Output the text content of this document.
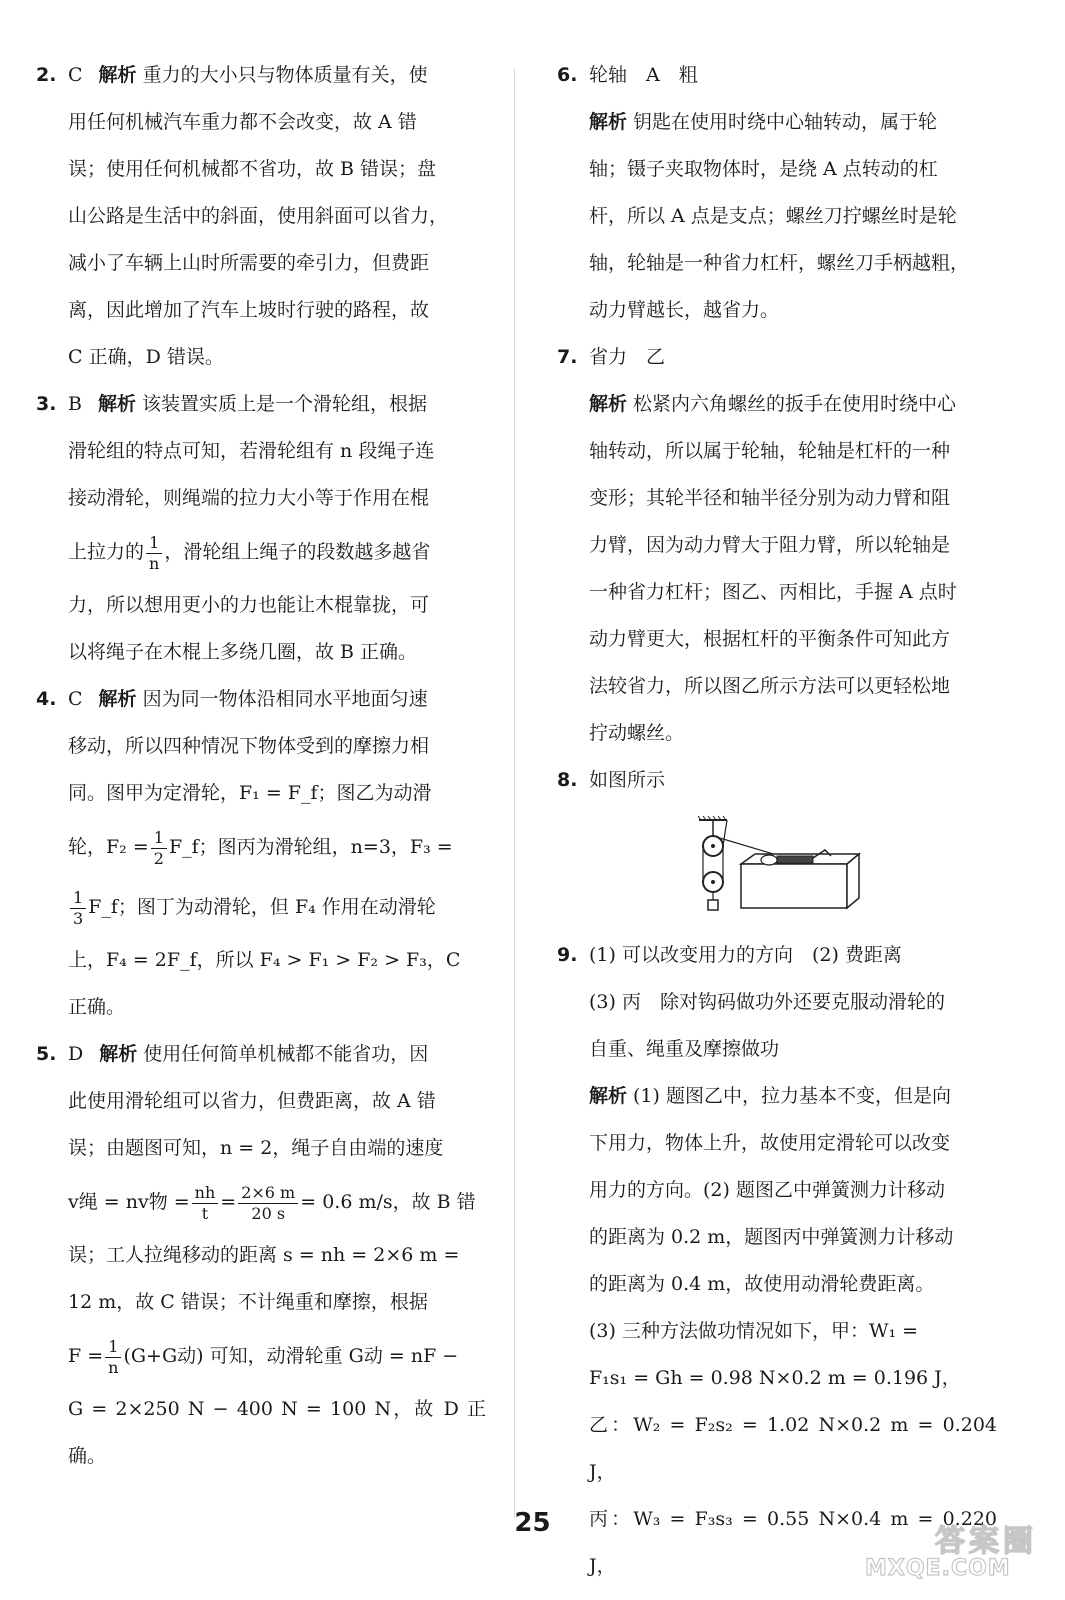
2. C 解析 重力的大小只与物体质量有关，使

用任何机械汽车重力都不会改变，故 A 错

误；使用任何机械都不省功，故 B 错误；盘

山公路是生活中的斜面，使用斜面可以省力，

减小了车辆上山时所需要的牵引力，但费距

离，因此增加了汽车上坡时行驶的路程，故

C 正确，D 错误。

3. B 解析 该装置实质上是一个滑轮组，根据

滑轮组的特点可知，若滑轮组有 n 段绳子连

接动滑轮，则绳端的拉力大小等于作用在棍

上拉力的 $\frac{1}{n}$ ，滑轮组上绳子的段数越多越省

力，所以想用更小的力也能让木棍靠拢，可

以将绳子在木棍上多绕几圈，故 B 正确。

4. C 解析 因为同一物体沿相同水平地面匀速

移动，所以四种情况下物体受到的摩擦力相

同。图甲为定滑轮，F₁ = F_f；图乙为动滑

轮，$F_2 = \frac{1}{2}$ F_f；图丙为滑轮组，n=3，F₃ =

$\frac{1}{3}$ F_f；图丁为动滑轮，但 F₄ 作用在动滑轮

上，F₄ = 2F_f，所以 F₄ > F₁ > F₂ > F₃，C

正确。

5. D 解析 使用任何简单机械都不能省功，因

此使用滑轮组可以省力，但费距离，故 A 错

误；由题图可知，n = 2，绳子自由端的速度

v绳 = nv物 = $\frac{nh}{t} = \frac{2\times 6 m}{20 s} = 0.6$ m/s，故 B 错

误；工人拉绳移动的距离 s = nh = 2×6 m =

12 m，故 C 错误；不计绳重和摩擦，根据

$F = \frac{1}{n} (G+G$动) 可知，动滑轮重 G动 = nF −

G = 2×250 N − 400 N = 100 N，故 D 正确。

6. 轮轴　A　粗

解析 钥匙在使用时绕中心轴转动，属于轮

轴；镊子夹取物体时，是绕 A 点转动的杠

杆，所以 A 点是支点；螺丝刀拧螺丝时是轮

轴，轮轴是一种省力杠杆，螺丝刀手柄越粗，

动力臂越长，越省力。

7. 省力　乙

解析 松紧内六角螺丝的扳手在使用时绕中心

轴转动，所以属于轮轴，轮轴是杠杆的一种

变形；其轮半径和轴半径分别为动力臂和阻

力臂，因为动力臂大于阻力臂，所以轮轴是

一种省力杠杆；图乙、丙相比，手握 A 点时

动力臂更大，根据杠杆的平衡条件可知此方

法较省力，所以图乙所示方法可以更轻松地

拧动螺丝。

8. 如图所示

9. (1) 可以改变用力的方向　(2) 费距离

(3) 丙　除对钩码做功外还要克服动滑轮的

自重、绳重及摩擦做功

解析 (1) 题图乙中，拉力基本不变，但是向

下用力，物体上升，故使用定滑轮可以改变

用力的方向。(2) 题图乙中弹簧测力计移动

的距离为 0.2 m，题图丙中弹簧测力计移动

的距离为 0.4 m，故使用动滑轮费距离。

(3) 三种方法做功情况如下，甲：W₁ =

F₁s₁ = Gh = 0.98 N×0.2 m = 0.196 J，

乙：W₂ = F₂s₂ = 1.02 N×0.2 m = 0.204 J，

丙：W₃ = F₃s₃ = 0.55 N×0.4 m = 0.220 J，

25
答案圈
MXQE.COM
